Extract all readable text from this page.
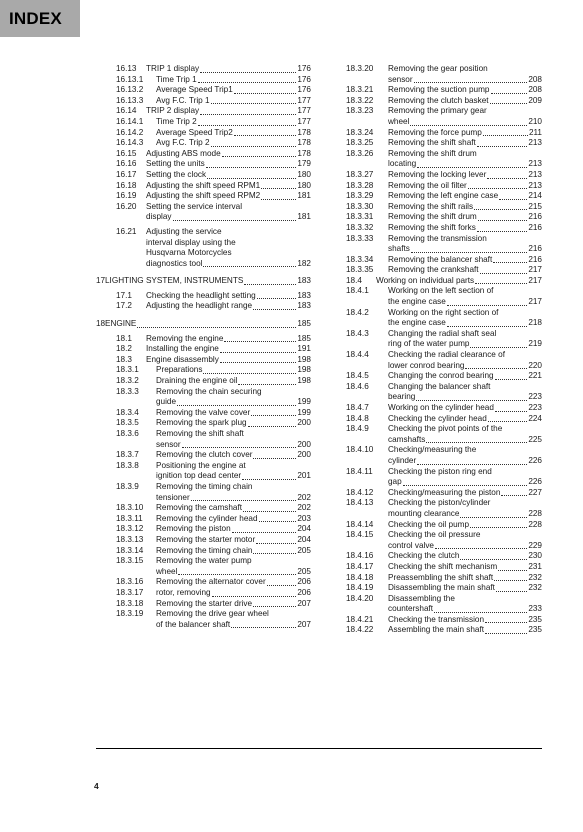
INDEX
16.13 TRIP 1 display	176
16.13.1 Time Trip 1	176
16.13.2 Average Speed Trip1	176
16.13.3 Avg F.C. Trip 1	177
16.14 TRIP 2 display	177
16.14.1 Time Trip 2	177
16.14.2 Average Speed Trip2	178
16.14.3 Avg F.C. Trip 2	178
16.15 Adjusting ABS mode	178
16.16 Setting the units	179
16.17 Setting the clock	180
16.18 Adjusting the shift speed RPM1	180
16.19 Adjusting the shift speed RPM2	181
16.20 Setting the service interval
display	181
16.21 Adjusting the service
interval display using the
Husqvarna Motorcycles
diagnostics tool	182
17 LIGHTING SYSTEM, INSTRUMENTS	183
17.1 Checking the headlight setting	183
17.2 Adjusting the headlight range	183
18 ENGINE	185
18.1 Removing the engine	185
18.2 Installing the engine	191
18.3 Engine disassembly	198
18.3.1 Preparations	198
18.3.2 Draining the engine oil	198
18.3.3 Removing the chain securing
guide	199
18.3.4 Removing the valve cover	199
18.3.5 Removing the spark plug	200
18.3.6 Removing the shift shaft
sensor	200
18.3.7 Removing the clutch cover	200
18.3.8 Positioning the engine at
ignition top dead center	201
18.3.9 Removing the timing chain
tensioner	202
18.3.10 Removing the camshaft	202
18.3.11 Removing the cylinder head	203
18.3.12 Removing the piston	204
18.3.13 Removing the starter motor	204
18.3.14 Removing the timing chain	205
18.3.15 Removing the water pump
wheel	205
18.3.16 Removing the alternator cover	206
18.3.17 rotor, removing	206
18.3.18 Removing the starter drive	207
18.3.19 Removing the drive gear wheel
of the balancer shaft	207
18.3.20 Removing the gear position
sensor	208
18.3.21 Removing the suction pump	208
18.3.22 Removing the clutch basket	209
18.3.23 Removing the primary gear
wheel	210
18.3.24 Removing the force pump	211
18.3.25 Removing the shift shaft	213
18.3.26 Removing the shift drum
locating	213
18.3.27 Removing the locking lever	213
18.3.28 Removing the oil filter	213
18.3.29 Removing the left engine case	214
18.3.30 Removing the shift rails	215
18.3.31 Removing the shift drum	216
18.3.32 Removing the shift forks	216
18.3.33 Removing the transmission
shafts	216
18.3.34 Removing the balancer shaft	216
18.3.35 Removing the crankshaft	217
18.4 Working on individual parts	217
18.4.1 Working on the left section of
the engine case	217
18.4.2 Working on the right section of
the engine case	218
18.4.3 Changing the radial shaft seal
ring of the water pump	219
18.4.4 Checking the radial clearance of
lower conrod bearing	220
18.4.5 Changing the conrod bearing	221
18.4.6 Changing the balancer shaft
bearing	223
18.4.7 Working on the cylinder head	223
18.4.8 Checking the cylinder head	224
18.4.9 Checking the pivot points of the
camshafts	225
18.4.10 Checking/measuring the
cylinder	226
18.4.11 Checking the piston ring end
gap	226
18.4.12 Checking/measuring the piston	227
18.4.13 Checking the piston/cylinder
mounting clearance	228
18.4.14 Checking the oil pump	228
18.4.15 Checking the oil pressure
control valve	229
18.4.16 Checking the clutch	230
18.4.17 Checking the shift mechanism	231
18.4.18 Preassembling the shift shaft	232
18.4.19 Disassembling the main shaft	232
18.4.20 Disassembling the
countershaft	233
18.4.21 Checking the transmission	235
18.4.22 Assembling the main shaft	235
4
